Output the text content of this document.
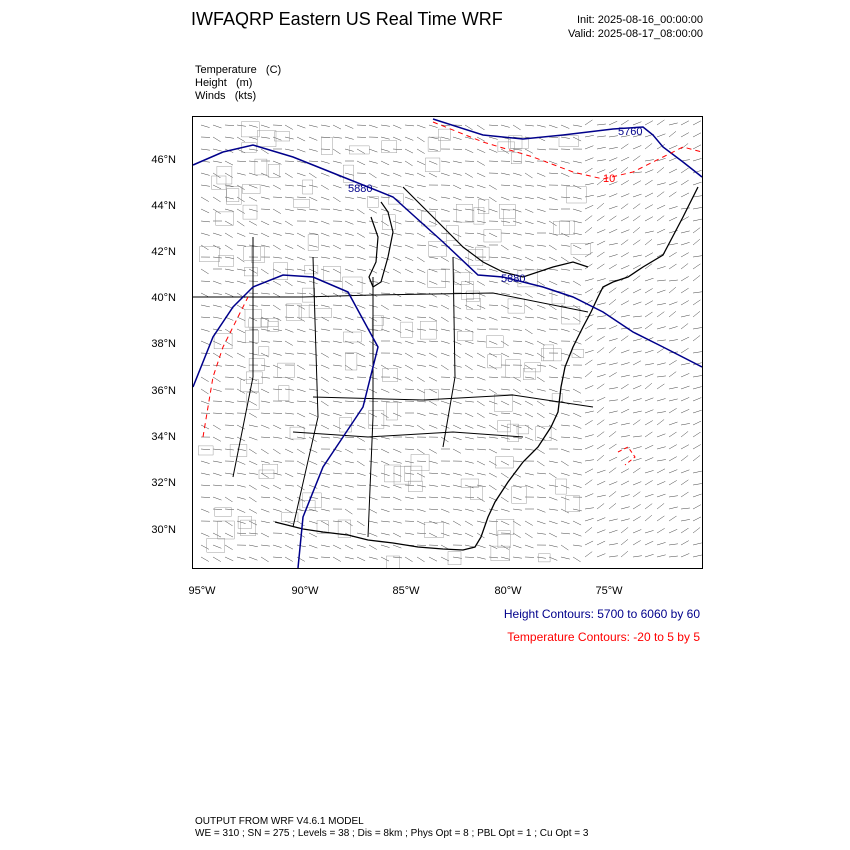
IWFAQRP Eastern US Real Time WRF	Init: 2025-08-16_00:00:00
Valid: 2025-08-17_08:00:00
Temperature   (C)
Height   (m)
Winds   (kts)
5760
5880
5880
10
46°N
44°N
42°N
40°N
38°N
36°N
34°N
32°N
30°N
95°W	90°W	85°W	80°W	75°W
Height Contours: 5700 to 6060 by 60
Temperature Contours: -20 to 5 by 5
OUTPUT FROM WRF V4.6.1 MODEL
WE = 310 ; SN = 275 ; Levels = 38 ; Dis = 8km ; Phys Opt = 8 ; PBL Opt = 1 ; Cu Opt = 3
